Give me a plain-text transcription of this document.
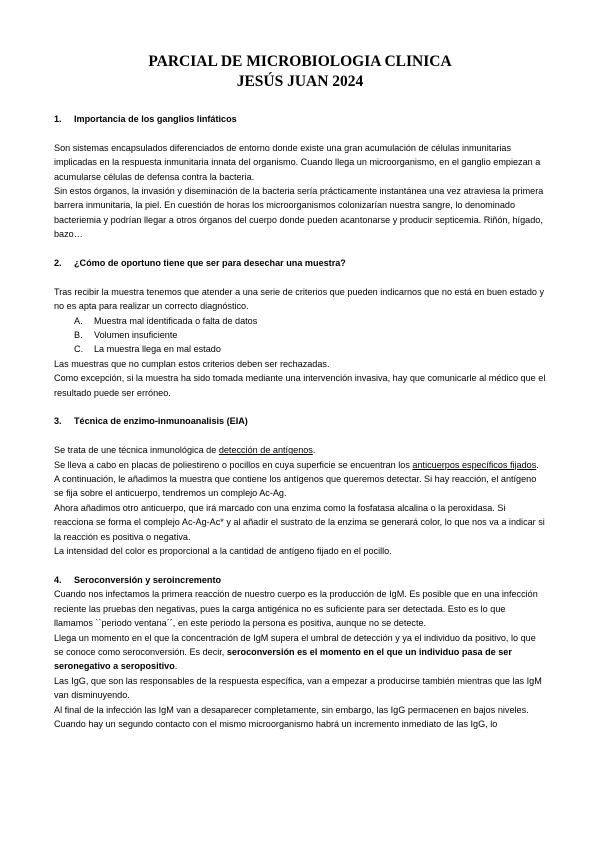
PARCIAL DE MICROBIOLOGIA CLINICA
JESÚS JUAN 2024
1.	Importancia de los ganglios linfáticos

Son sistemas encapsulados diferenciados de entorno donde existe una gran acumulación de células inmunitarias implicadas en la respuesta inmunitaria innata del organismo. Cuando llega un microorganismo, en el ganglio empiezan a acumularse células de defensa contra la bacteria.

Sin estos órganos, la invasión y diseminación de la bacteria sería prácticamente instantánea una vez atraviesa la primera barrera inmunitaria, la piel. En cuestión de horas los microorganismos colonizarían nuestra sangre, lo denominado bacteriemia y podrían llegar a otros órganos del cuerpo donde pueden acantonarse y producir septicemia. Riñón, hígado, bazo…

2.	¿Cómo de oportuno tiene que ser para desechar una muestra?

Tras recibir la muestra tenemos que atender a una serie de criterios que pueden indicarnos que no está en buen estado y no es apta para realizar un correcto diagnóstico.

A.	Muestra mal identificada o falta de datos
B.	Volumen insuficiente
C.	La muestra llega en mal estado

Las muestras que no cumplan estos criterios deben ser rechazadas.

Como excepción, si la muestra ha sido tomada mediante una intervención invasiva, hay que comunicarle al médico que el resultado puede ser erróneo.

3.	Técnica de enzimo-inmunoanalisis (EIA)

Se trata de une técnica inmunológica de detección de antígenos.

Se lleva a cabo en placas de poliestireno o pocillos en cuya superficie se encuentran los anticuerpos específicos fijados. A continuación, le añadimos la muestra que contiene los antígenos que queremos detectar. Si hay reacción, el antígeno se fija sobre el anticuerpo, tendremos un complejo Ac-Ag.

Ahora añadimos otro anticuerpo, que irá marcado con una enzima como la fosfatasa alcalina o la peroxidasa. Si reacciona se forma el complejo Ac-Ag-Ac* y al añadir el sustrato de la enzima se generará color, lo que nos va a indicar si la reacción es positiva o negativa.

La intensidad del color es proporcional a la cantidad de antígeno fijado en el pocillo.

4.	Seroconversión y seroincremento

Cuando nos infectamos la primera reacción de nuestro cuerpo es la producción de IgM. Es posible que en una infección reciente las pruebas den negativas, pues la carga antigénica no es suficiente para ser detectada. Esto es lo que llamamos ``periodo ventana´´, en este periodo la persona es positiva, aunque no se detecte.

Llega un momento en el que la concentración de IgM supera el umbral de detección y ya el individuo da positivo, lo que se conoce como seroconversión. Es decir, seroconversión es el momento en el que un individuo pasa de ser seronegativo a seropositivo.

Las IgG, que son las responsables de la respuesta específica, van a empezar a producirse también mientras que las IgM van disminuyendo.

Al final de la infección las IgM van a desaparecer completamente, sin embargo, las IgG permacenen en bajos niveles.

Cuando hay un segundo contacto con el mismo microorganismo habrá un incremento inmediato de las IgG, lo
